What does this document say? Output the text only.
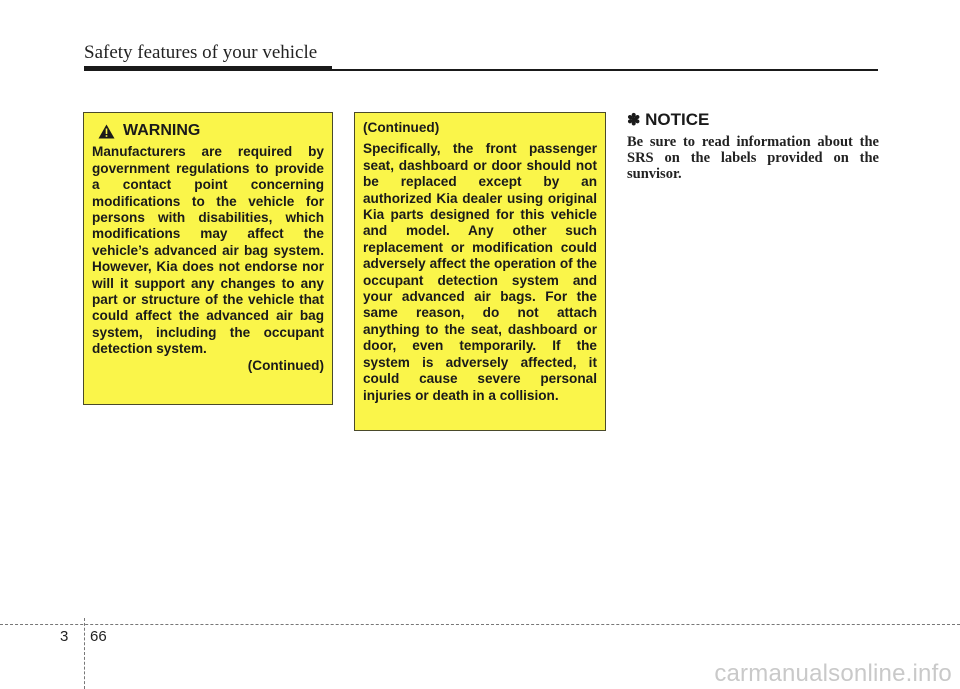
Safety features of your vehicle
WARNING
Manufacturers are required by government regulations to provide a contact point concerning modifications to the vehicle for persons with disabilities, which modifications may affect the vehicle’s advanced air bag system. However, Kia does not endorse nor will it support any changes to any part or structure of the vehicle that could affect the advanced air bag system, including the occupant detection system.
(Continued)
(Continued)
Specifically, the front passenger seat, dashboard or door should not be replaced except by an authorized Kia dealer using original Kia parts designed for this vehicle and model. Any other such replacement or modification could adversely affect the operation of the occupant detection system and your advanced air bags. For the same reason, do not attach anything to the seat, dashboard or door, even temporarily. If the system is adversely affected, it could cause severe personal injuries or death in a collision.
✽ NOTICE
Be sure to read information about the SRS on the labels provided on the sunvisor.
3 66
carmanualsonline.info
